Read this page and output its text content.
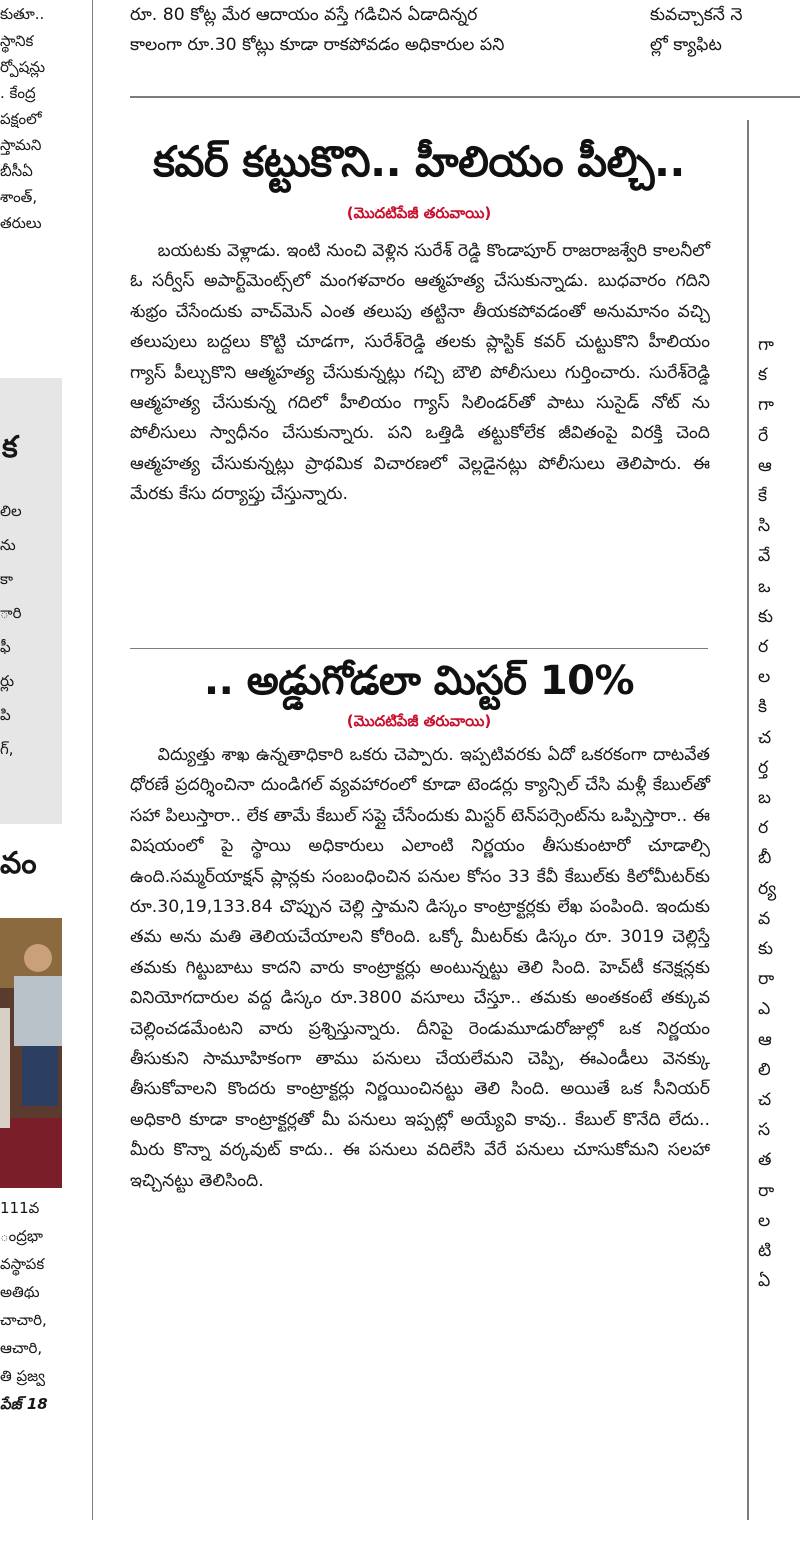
కుతూ..
స్థానిక
ర్పోషన్లు
. కేంద్ర
పక్షంలో
స్తామని
బీసీఏ
శాంత్,
తరులు
క
లిల
ను
కా
ారి
ఫీ
ర్లు
పి
గ్,
వం
111వ
ంద్రభా
వస్థాపక
అతిథు
చాచారి,
ఆచారి,
తి ప్రజ్వ
పేజ్ 18
రూ. 80 కోట్ల మేర ఆదాయం వస్తే గడిచిన ఏడాదిన్నర
కాలంగా రూ.30 కోట్లు కూడా రాకపోవడం అధికారుల పని
కువచ్చాకనే నె
ల్లో క్యాఫిట
కవర్ కట్టుకొని.. హీలియం పీల్చి..
(మొదటిపేజీ తరువాయి)

బయటకు వెళ్లాడు. ఇంటి నుంచి వెళ్లిన సురేశ్ రెడ్డి కొండాపూర్ రాజరాజశ్వేరి కాలనీలో ఓ సర్వీస్ అపార్ట్‌మెంట్స్‌లో మంగళవారం ఆత్మహత్య చేసుకున్నాడు. బుధవారం గదిని శుభ్రం చేసేందుకు వాచ్‌మెన్ ఎంత తలుపు తట్టినా తీయకపోవడంతో అనుమానం వచ్చి తలుపులు బద్దలు కొట్టి చూడగా, సురేశ్‌రెడ్డి తలకు ప్లాస్టిక్ కవర్ చుట్టుకొని హీలియం గ్యాస్ పీల్చుకొని ఆత్మహత్య చేసుకున్నట్లు గచ్చి బౌలి పోలీసులు గుర్తించారు. సురేశ్‌రెడ్డి ఆత్మహత్య చేసుకున్న గదిలో హీలియం గ్యాస్ సిలిండర్‌తో పాటు సుసైడ్ నోట్ ను పోలీసులు స్వాధీనం చేసుకున్నారు. పని ఒత్తిడి తట్టుకోలేక జీవితంపై విరక్తి చెంది ఆత్మహత్య చేసుకున్నట్లు ప్రాథమిక విచారణలో వెల్లడైనట్లు పోలీసులు తెలిపారు. ఈ మేరకు కేసు దర్యాప్తు చేస్తున్నారు.

.. అడ్డుగోడలా మిస్టర్ 10%
(మొదటిపేజీ తరువాయి)

విద్యుత్తు శాఖ ఉన్నతాధికారి ఒకరు చెప్పారు. ఇప్పటివరకు ఏదో ఒకరకంగా దాటవేత ధోరణే ప్రదర్శించినా దుండిగల్ వ్యవహారంలో కూడా టెండర్లు క్యాన్సిల్ చేసి మళ్లీ కేబుల్‌తో సహా పిలుస్తారా.. లేక తామే కేబుల్ సప్లై చేసేందుకు మిస్టర్ టెన్‌పర్సెంట్‌ను ఒప్పిస్తారా.. ఈ విషయంలో పై స్థాయి అధికారులు ఎలాంటి నిర్ణయం తీసుకుంటారో చూడాల్సి ఉంది.సమ్మర్‌యాక్షన్ ప్లాన్లకు సంబంధించిన పనుల కోసం 33 కేవీ కేబుల్‌కు కిలోమీటర్‌కు రూ.30,19,133.84 చొప్పున చెల్లి స్తామని డిస్కం కాంట్రాక్టర్లకు లేఖ పంపింది. ఇందుకు తమ అను మతి తెలియచేయాలని కోరింది. ఒక్కో మీటర్‌కు డిస్కం రూ. 3019 చెల్లిస్తే తమకు గిట్టుబాటు కాదని వారు కాంట్రాక్టర్లు అంటున్నట్టు తెలి సింది. హెచ్‌టీ కనెక్షన్లకు వినియోగదారుల వద్ద డిస్కం రూ.3800 వసూలు చేస్తూ.. తమకు అంతకంటే తక్కువ చెల్లించడమేంటని వారు ప్రశ్నిస్తున్నారు. దీనిపై రెండుమూడురోజుల్లో ఒక నిర్ణయం తీసుకుని సామూహికంగా తాము పనులు చేయలేమని చెప్పి, ఈఎండీలు వెనక్కు తీసుకోవాలని కొందరు కాంట్రాక్టర్లు నిర్ణయించినట్టు తెలి సింది. అయితే ఒక సీనియర్ అధికారి కూడా కాంట్రాక్టర్లతో మీ పనులు ఇప్పట్లో అయ్యేవి కావు.. కేబుల్ కొనేది లేదు.. మీరు కొన్నా వర్కవుట్ కాదు.. ఈ పనులు వదిలేసి వేరే పనులు చూసుకోమని సలహా ఇచ్చినట్టు తెలిసింది.

గా
క
గా
రే
ఆ
కే
సి
వే
ఒ
కు
ర
ల
కి
చ
ర్త
బ
ర
బీ
ర్య
వ
కు
రా
ఎ
ఆ
లి
చ
స
త
రా
ల
టి
ఏ
